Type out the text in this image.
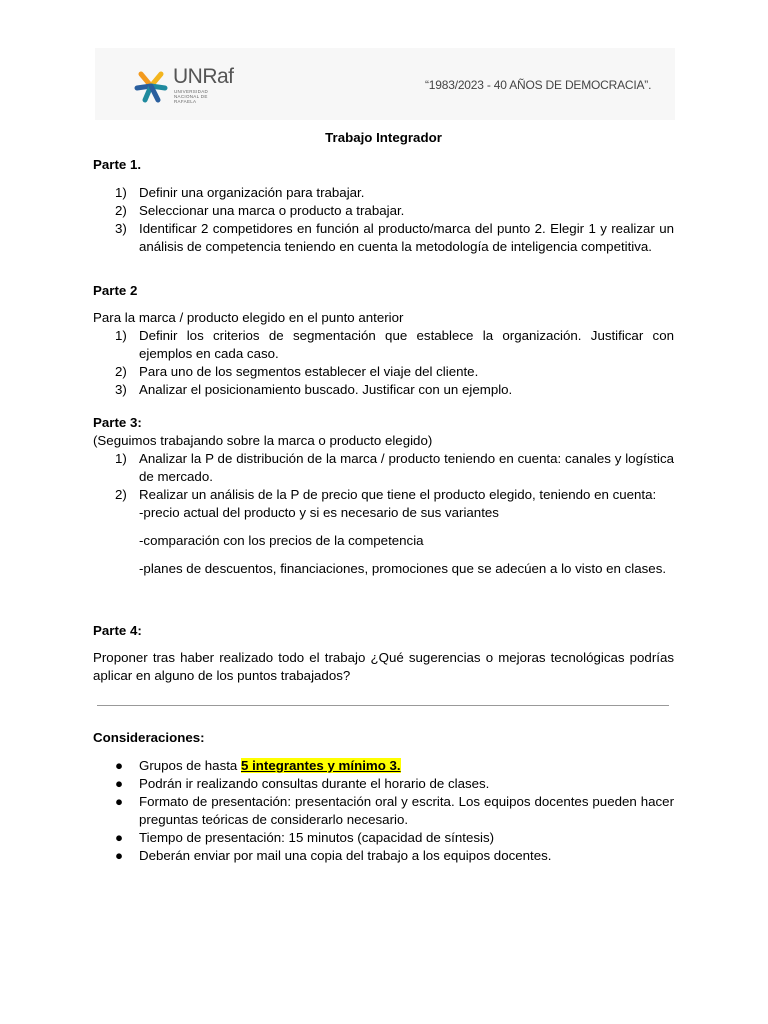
UNRaf
UNIVERSIDAD NACIONAL DE RAFAELA
“1983/2023 - 40 AÑOS DE DEMOCRACIA”.
Trabajo Integrador
Parte 1.
1) Definir una organización para trabajar.
2) Seleccionar una marca o producto a trabajar.
3) Identificar 2 competidores en función al producto/marca del punto 2. Elegir 1 y realizar un análisis de competencia teniendo en cuenta la metodología de inteligencia competitiva.
Parte 2
Para la marca / producto elegido en el punto anterior
1) Definir los criterios de segmentación que establece la organización. Justificar con ejemplos en cada caso.
2) Para uno de los segmentos establecer el viaje del cliente.
3) Analizar el posicionamiento buscado. Justificar con un ejemplo.
Parte 3:
(Seguimos trabajando sobre la marca o producto elegido)
1) Analizar la P de distribución de la marca / producto teniendo en cuenta: canales y logística de mercado.
2) Realizar un análisis de la P de precio que tiene el producto elegido, teniendo en cuenta:
-precio actual del producto y si es necesario de sus variantes
-comparación con los precios de la competencia
-planes de descuentos, financiaciones, promociones que se adecúen a lo visto en clases.
Parte 4:
Proponer tras haber realizado todo el trabajo ¿Qué sugerencias o mejoras tecnológicas podrías aplicar en alguno de los puntos trabajados?
Consideraciones:
● Grupos de hasta 5 integrantes y mínimo 3.
● Podrán ir realizando consultas durante el horario de clases.
● Formato de presentación: presentación oral y escrita. Los equipos docentes pueden hacer preguntas teóricas de considerarlo necesario.
● Tiempo de presentación: 15 minutos (capacidad de síntesis)
● Deberán enviar por mail una copia del trabajo a los equipos docentes.
